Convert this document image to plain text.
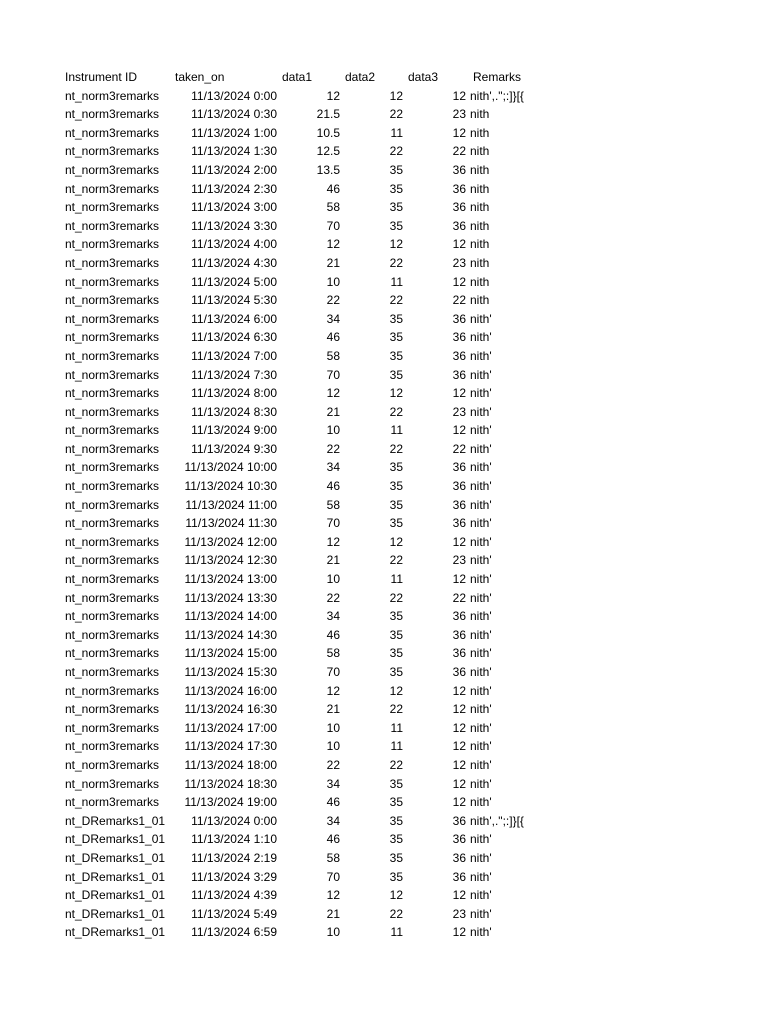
Instrument ID	taken_on	data1	data2	data3	Remarks
nt_norm3remarks	11/13/2024 0:00	12	12	12	nith',.";:]}[{
nt_norm3remarks	11/13/2024 0:30	21.5	22	23	nith
nt_norm3remarks	11/13/2024 1:00	10.5	11	12	nith
nt_norm3remarks	11/13/2024 1:30	12.5	22	22	nith
nt_norm3remarks	11/13/2024 2:00	13.5	35	36	nith
nt_norm3remarks	11/13/2024 2:30	46	35	36	nith
nt_norm3remarks	11/13/2024 3:00	58	35	36	nith
nt_norm3remarks	11/13/2024 3:30	70	35	36	nith
nt_norm3remarks	11/13/2024 4:00	12	12	12	nith
nt_norm3remarks	11/13/2024 4:30	21	22	23	nith
nt_norm3remarks	11/13/2024 5:00	10	11	12	nith
nt_norm3remarks	11/13/2024 5:30	22	22	22	nith
nt_norm3remarks	11/13/2024 6:00	34	35	36	nith'
nt_norm3remarks	11/13/2024 6:30	46	35	36	nith'
nt_norm3remarks	11/13/2024 7:00	58	35	36	nith'
nt_norm3remarks	11/13/2024 7:30	70	35	36	nith'
nt_norm3remarks	11/13/2024 8:00	12	12	12	nith'
nt_norm3remarks	11/13/2024 8:30	21	22	23	nith'
nt_norm3remarks	11/13/2024 9:00	10	11	12	nith'
nt_norm3remarks	11/13/2024 9:30	22	22	22	nith'
nt_norm3remarks	11/13/2024 10:00	34	35	36	nith'
nt_norm3remarks	11/13/2024 10:30	46	35	36	nith'
nt_norm3remarks	11/13/2024 11:00	58	35	36	nith'
nt_norm3remarks	11/13/2024 11:30	70	35	36	nith'
nt_norm3remarks	11/13/2024 12:00	12	12	12	nith'
nt_norm3remarks	11/13/2024 12:30	21	22	23	nith'
nt_norm3remarks	11/13/2024 13:00	10	11	12	nith'
nt_norm3remarks	11/13/2024 13:30	22	22	22	nith'
nt_norm3remarks	11/13/2024 14:00	34	35	36	nith'
nt_norm3remarks	11/13/2024 14:30	46	35	36	nith'
nt_norm3remarks	11/13/2024 15:00	58	35	36	nith'
nt_norm3remarks	11/13/2024 15:30	70	35	36	nith'
nt_norm3remarks	11/13/2024 16:00	12	12	12	nith'
nt_norm3remarks	11/13/2024 16:30	21	22	12	nith'
nt_norm3remarks	11/13/2024 17:00	10	11	12	nith'
nt_norm3remarks	11/13/2024 17:30	10	11	12	nith'
nt_norm3remarks	11/13/2024 18:00	22	22	12	nith'
nt_norm3remarks	11/13/2024 18:30	34	35	12	nith'
nt_norm3remarks	11/13/2024 19:00	46	35	12	nith'
nt_DRemarks1_01	11/13/2024 0:00	34	35	36	nith',.";:]}[{
nt_DRemarks1_01	11/13/2024 1:10	46	35	36	nith'
nt_DRemarks1_01	11/13/2024 2:19	58	35	36	nith'
nt_DRemarks1_01	11/13/2024 3:29	70	35	36	nith'
nt_DRemarks1_01	11/13/2024 4:39	12	12	12	nith'
nt_DRemarks1_01	11/13/2024 5:49	21	22	23	nith'
nt_DRemarks1_01	11/13/2024 6:59	10	11	12	nith'
